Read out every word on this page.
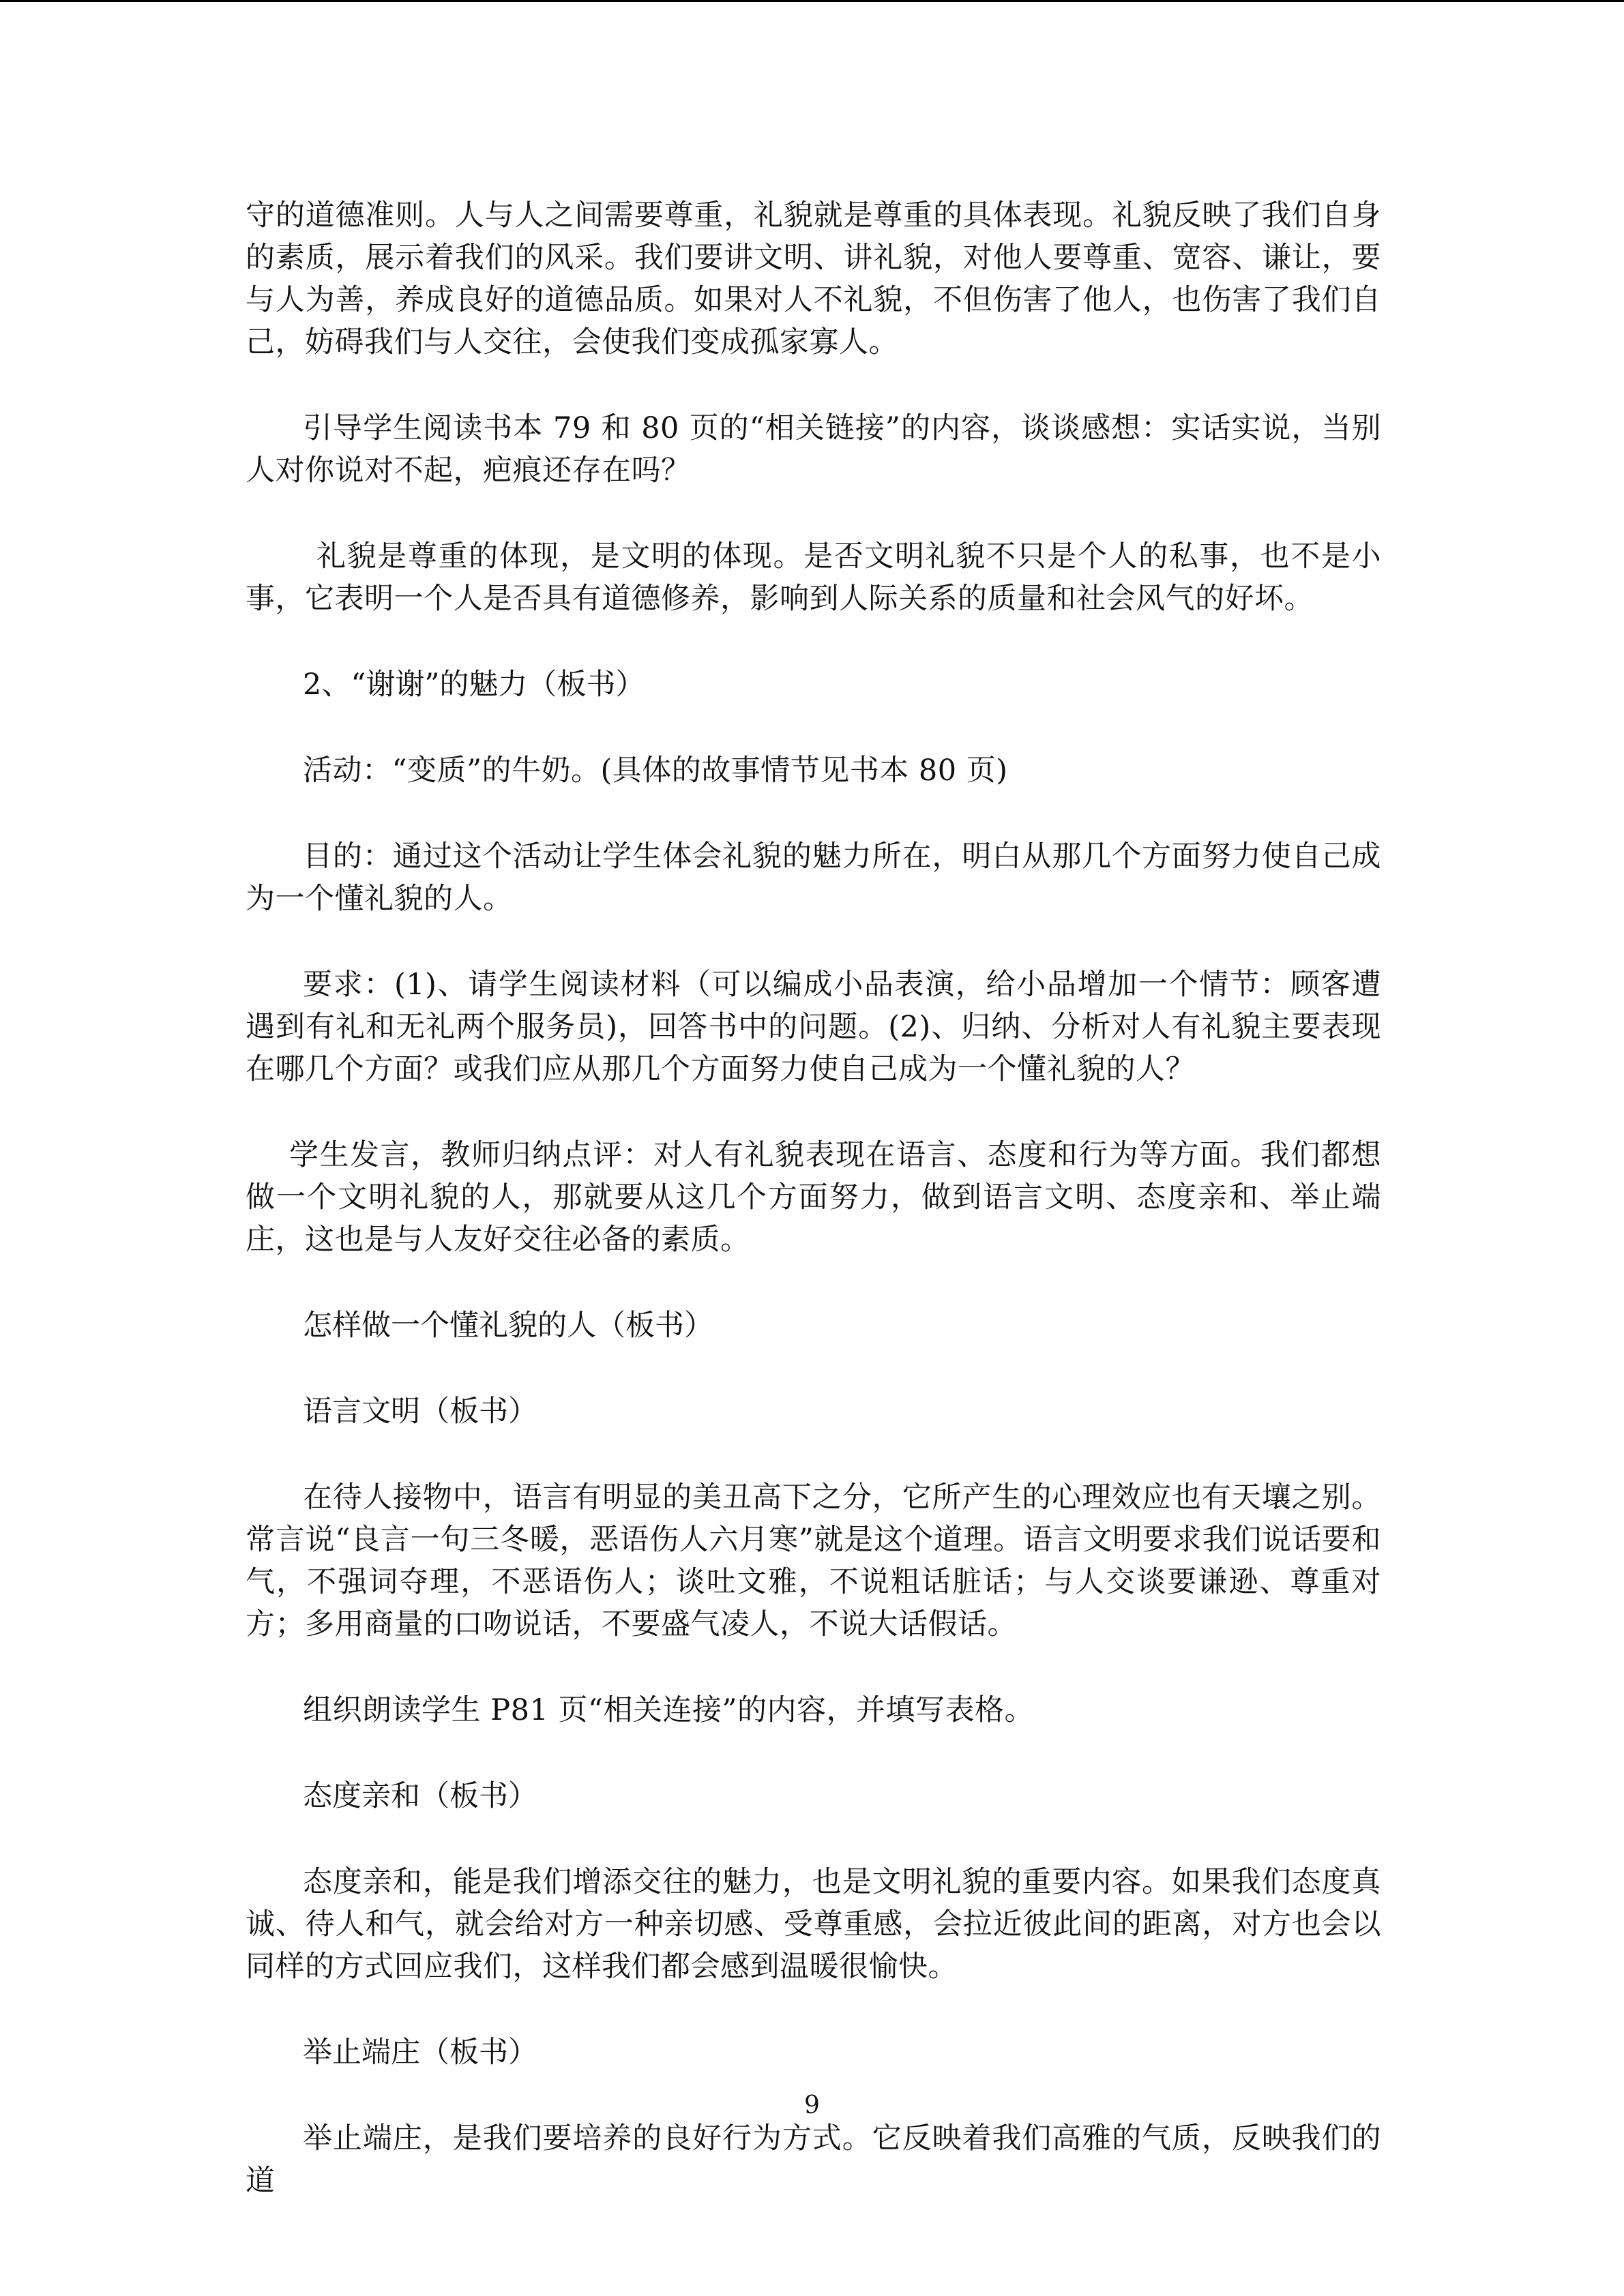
守的道德准则。人与人之间需要尊重，礼貌就是尊重的具体表现。礼貌反映了我们自身的素质，展示着我们的风采。我们要讲文明、讲礼貌，对他人要尊重、宽容、谦让，要与人为善，养成良好的道德品质。如果对人不礼貌，不但伤害了他人，也伤害了我们自己，妨碍我们与人交往，会使我们变成孤家寡人。

引导学生阅读书本 79 和 80 页的“相关链接”的内容，谈谈感想：实话实说，当别人对你说对不起，疤痕还存在吗？

礼貌是尊重的体现，是文明的体现。是否文明礼貌不只是个人的私事，也不是小事，它表明一个人是否具有道德修养，影响到人际关系的质量和社会风气的好坏。

2、“谢谢”的魅力（板书）

活动：“变质”的牛奶。(具体的故事情节见书本 80 页)

目的：通过这个活动让学生体会礼貌的魅力所在，明白从那几个方面努力使自己成为一个懂礼貌的人。

要求：(1)、请学生阅读材料（可以编成小品表演，给小品增加一个情节：顾客遭遇到有礼和无礼两个服务员)，回答书中的问题。(2)、归纳、分析对人有礼貌主要表现在哪几个方面？或我们应从那几个方面努力使自己成为一个懂礼貌的人？

学生发言，教师归纳点评：对人有礼貌表现在语言、态度和行为等方面。我们都想做一个文明礼貌的人，那就要从这几个方面努力，做到语言文明、态度亲和、举止端庄，这也是与人友好交往必备的素质。

怎样做一个懂礼貌的人（板书）

语言文明（板书）

在待人接物中，语言有明显的美丑高下之分，它所产生的心理效应也有天壤之别。常言说“良言一句三冬暖，恶语伤人六月寒”就是这个道理。语言文明要求我们说话要和气，不强词夺理，不恶语伤人；谈吐文雅，不说粗话脏话；与人交谈要谦逊、尊重对方；多用商量的口吻说话，不要盛气凌人，不说大话假话。

组织朗读学生 P81 页“相关连接”的内容，并填写表格。

态度亲和（板书）

态度亲和，能是我们增添交往的魅力，也是文明礼貌的重要内容。如果我们态度真诚、待人和气，就会给对方一种亲切感、受尊重感，会拉近彼此间的距离，对方也会以同样的方式回应我们，这样我们都会感到温暖很愉快。

举止端庄（板书）

举止端庄，是我们要培养的良好行为方式。它反映着我们高雅的气质，反映我们的道

9
